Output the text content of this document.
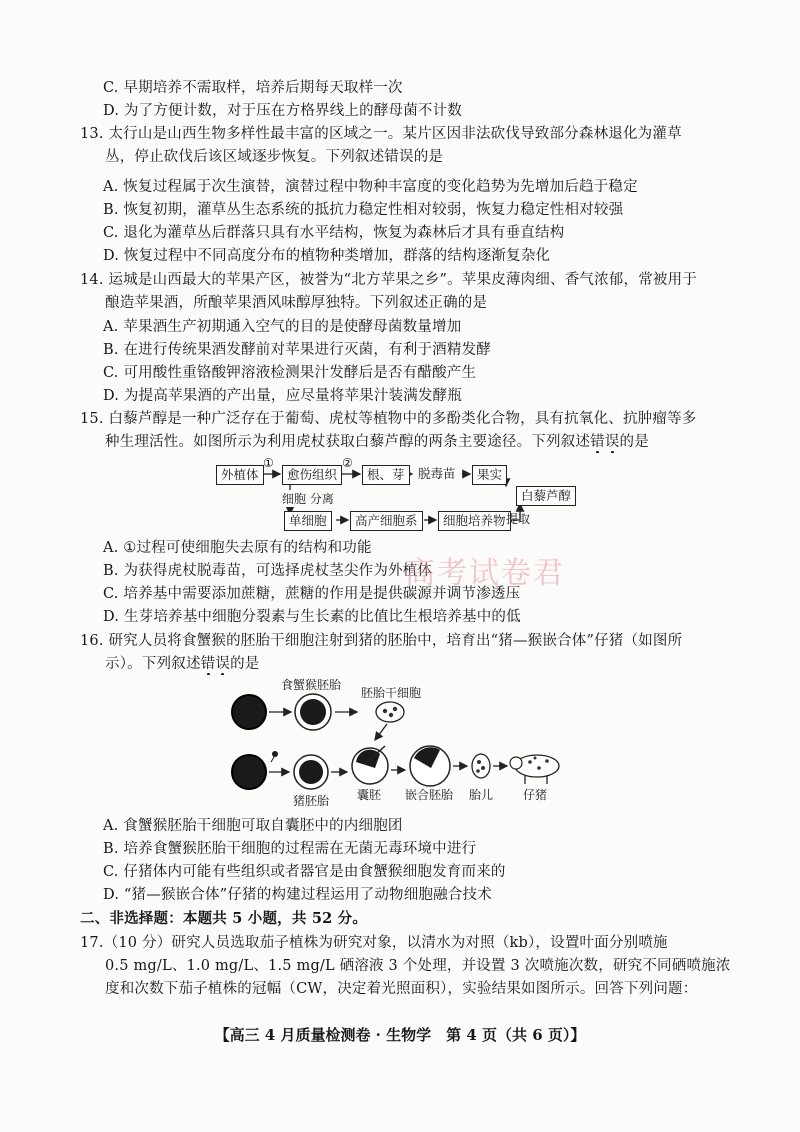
C. 早期培养不需取样，培养后期每天取样一次
D. 为了方便计数，对于压在方格界线上的酵母菌不计数
13. 太行山是山西生物多样性最丰富的区域之一。某片区因非法砍伐导致部分森林退化为灌草
丛，停止砍伐后该区域逐步恢复。下列叙述错误的是
A. 恢复过程属于次生演替，演替过程中物种丰富度的变化趋势为先增加后趋于稳定
B. 恢复初期，灌草丛生态系统的抵抗力稳定性相对较弱，恢复力稳定性相对较强
C. 退化为灌草丛后群落只具有水平结构，恢复为森林后才具有垂直结构
D. 恢复过程中不同高度分布的植物种类增加，群落的结构逐渐复杂化
14. 运城是山西最大的苹果产区，被誉为“北方苹果之乡”。苹果皮薄肉细、香气浓郁，常被用于
酿造苹果酒，所酿苹果酒风味醇厚独特。下列叙述正确的是
A. 苹果酒生产初期通入空气的目的是使酵母菌数量增加
B. 在进行传统果酒发酵前对苹果进行灭菌，有利于酒精发酵
C. 可用酸性重铬酸钾溶液检测果汁发酵后是否有醋酸产生
D. 为提高苹果酒的产出量，应尽量将苹果汁装满发酵瓶
15. 白藜芦醇是一种广泛存在于葡萄、虎杖等植物中的多酚类化合物，具有抗氧化、抗肿瘤等多
种生理活性。如图所示为利用虎杖获取白藜芦醇的两条主要途径。下列叙述错误的是
外植体
①
愈伤组织
②
根、芽	脱毒苗	果实
白藜芦醇
细胞 分离
单细胞	高产细胞系	细胞培养物 提取
A. ①过程可使细胞失去原有的结构和功能
B. 为获得虎杖脱毒苗，可选择虎杖茎尖作为外植体
高考试卷君
C. 培养基中需要添加蔗糖，蔗糖的作用是提供碳源并调节渗透压
D. 生芽培养基中细胞分裂素与生长素的比值比生根培养基中的低
16. 研究人员将食蟹猴的胚胎干细胞注射到猪的胚胎中，培育出“猪—猴嵌合体”仔猪（如图所
示）。下列叙述错误的是
食蟹猴胚胎
胚胎干细胞
猪胚胎 囊胚 嵌合胚胎 胎儿 仔猪
A. 食蟹猴胚胎干细胞可取自囊胚中的内细胞团
B. 培养食蟹猴胚胎干细胞的过程需在无菌无毒环境中进行
C. 仔猪体内可能有些组织或者器官是由食蟹猴细胞发育而来的
D. “猪—猴嵌合体”仔猪的构建过程运用了动物细胞融合技术
二、非选择题：本题共 5 小题，共 52 分。
17.（10 分）研究人员选取茄子植株为研究对象，以清水为对照（kb），设置叶面分别喷施
0.5 mg/L、1.0 mg/L、1.5 mg/L 硒溶液 3 个处理，并设置 3 次喷施次数，研究不同硒喷施浓
度和次数下茄子植株的冠幅（CW，决定着光照面积），实验结果如图所示。回答下列问题：
【高三 4 月质量检测卷 · 生物学　第 4 页（共 6 页）】
